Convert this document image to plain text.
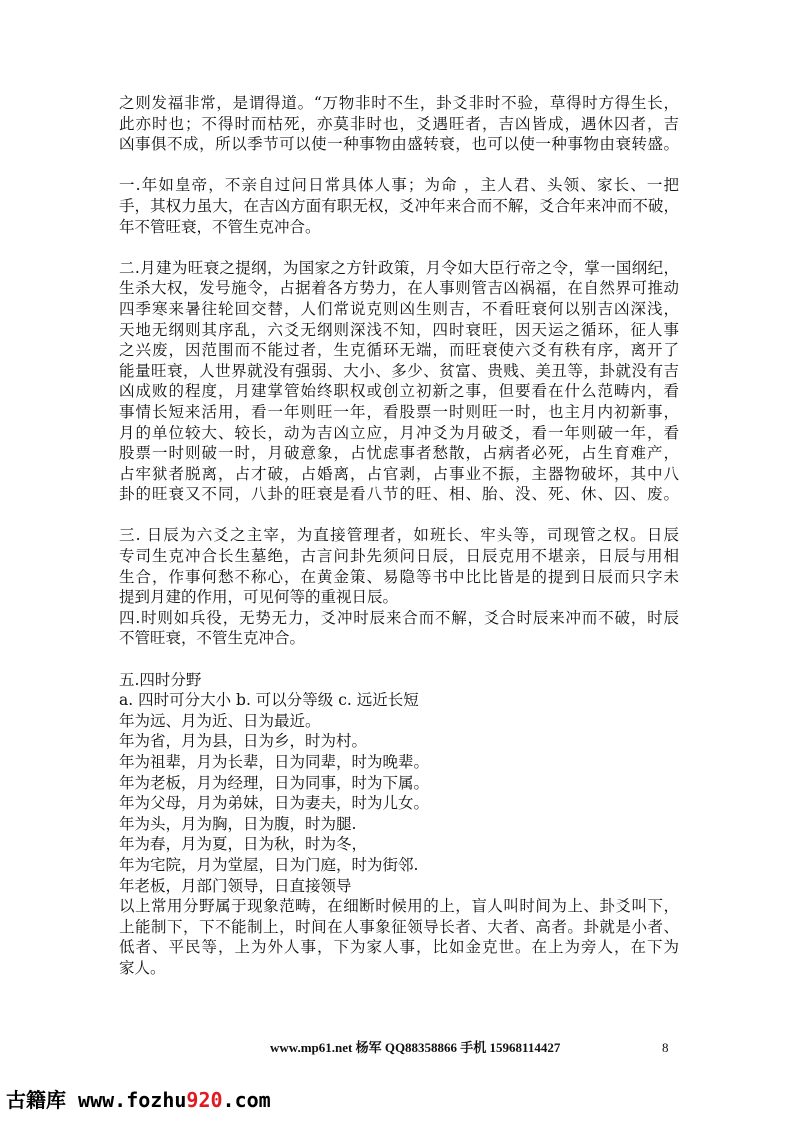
之则发福非常，是谓得道。“万物非时不生，卦爻非时不验，草得时方得生长，
此亦时也；不得时而枯死，亦莫非时也，爻遇旺者，吉凶皆成，遇休囚者，吉
凶事俱不成，所以季节可以使一种事物由盛转衰，也可以使一种事物由衰转盛。
一.年如皇帝，不亲自过问日常具体人事；为命 ，主人君、头领、家长、一把
手，其权力虽大，在吉凶方面有职无权，爻冲年来合而不解，爻合年来冲而不破，
年不管旺衰，不管生克冲合。
二.月建为旺衰之提纲，为国家之方针政策，月令如大臣行帝之令，掌一国纲纪，
生杀大权，发号施令，占据着各方势力，在人事则管吉凶祸福，在自然界可推动
四季寒来暑往轮回交替，人们常说克则凶生则吉，不看旺衰何以别吉凶深浅，
天地无纲则其序乱，六爻无纲则深浅不知，四时衰旺，因天运之循环，征人事
之兴废，因范围而不能过者，生克循环无端，而旺衰使六爻有秩有序，离开了
能量旺衰，人世界就没有强弱、大小、多少、贫富、贵贱、美丑等，卦就没有吉
凶成败的程度，月建掌管始终职权或创立初新之事，但要看在什么范畴内，看
事情长短来活用，看一年则旺一年，看股票一时则旺一时，也主月内初新事，
月的单位较大、较长，动为吉凶立应，月冲爻为月破爻，看一年则破一年，看
股票一时则破一时，月破意象，占忧虑事者愁散，占病者必死，占生育难产，
占牢狱者脱离，占才破，占婚离，占官剥，占事业不振，主器物破坏，其中八
卦的旺衰又不同，八卦的旺衰是看八节的旺、相、胎、没、死、休、囚、废。
三. 日辰为六爻之主宰，为直接管理者，如班长、牢头等，司现管之权。日辰
专司生克冲合长生墓绝，古言问卦先须问日辰，日辰克用不堪亲，日辰与用相
生合，作事何愁不称心，在黄金策、易隐等书中比比皆是的提到日辰而只字未
提到月建的作用，可见何等的重视日辰。
四.时则如兵役，无势无力，爻冲时辰来合而不解，爻合时辰来冲而不破，时辰
不管旺衰，不管生克冲合。
五.四时分野
a. 四时可分大小 b. 可以分等级 c. 远近长短
年为远、月为近、日为最近。
年为省，月为县，日为乡，时为村。
年为祖辈，月为长辈，日为同辈，时为晚辈。
年为老板，月为经理，日为同事，时为下属。
年为父母，月为弟妹，日为妻夫，时为儿女。
年为头，月为胸，日为腹，时为腿.
年为春，月为夏，日为秋，时为冬，
年为宅院，月为堂屋，日为门庭，时为街邻.
年老板，月部门领导，日直接领导
以上常用分野属于现象范畴，在细断时候用的上，盲人叫时间为上、卦爻叫下，
上能制下，下不能制上，时间在人事象征领导长者、大者、高者。卦就是小者、
低者、平民等，上为外人事，下为家人事，比如金克世。在上为旁人，在下为
家人。
www.mp61.net 杨军 QQ88358866 手机 15968114427	8
古籍库 www.fozhu920.com
